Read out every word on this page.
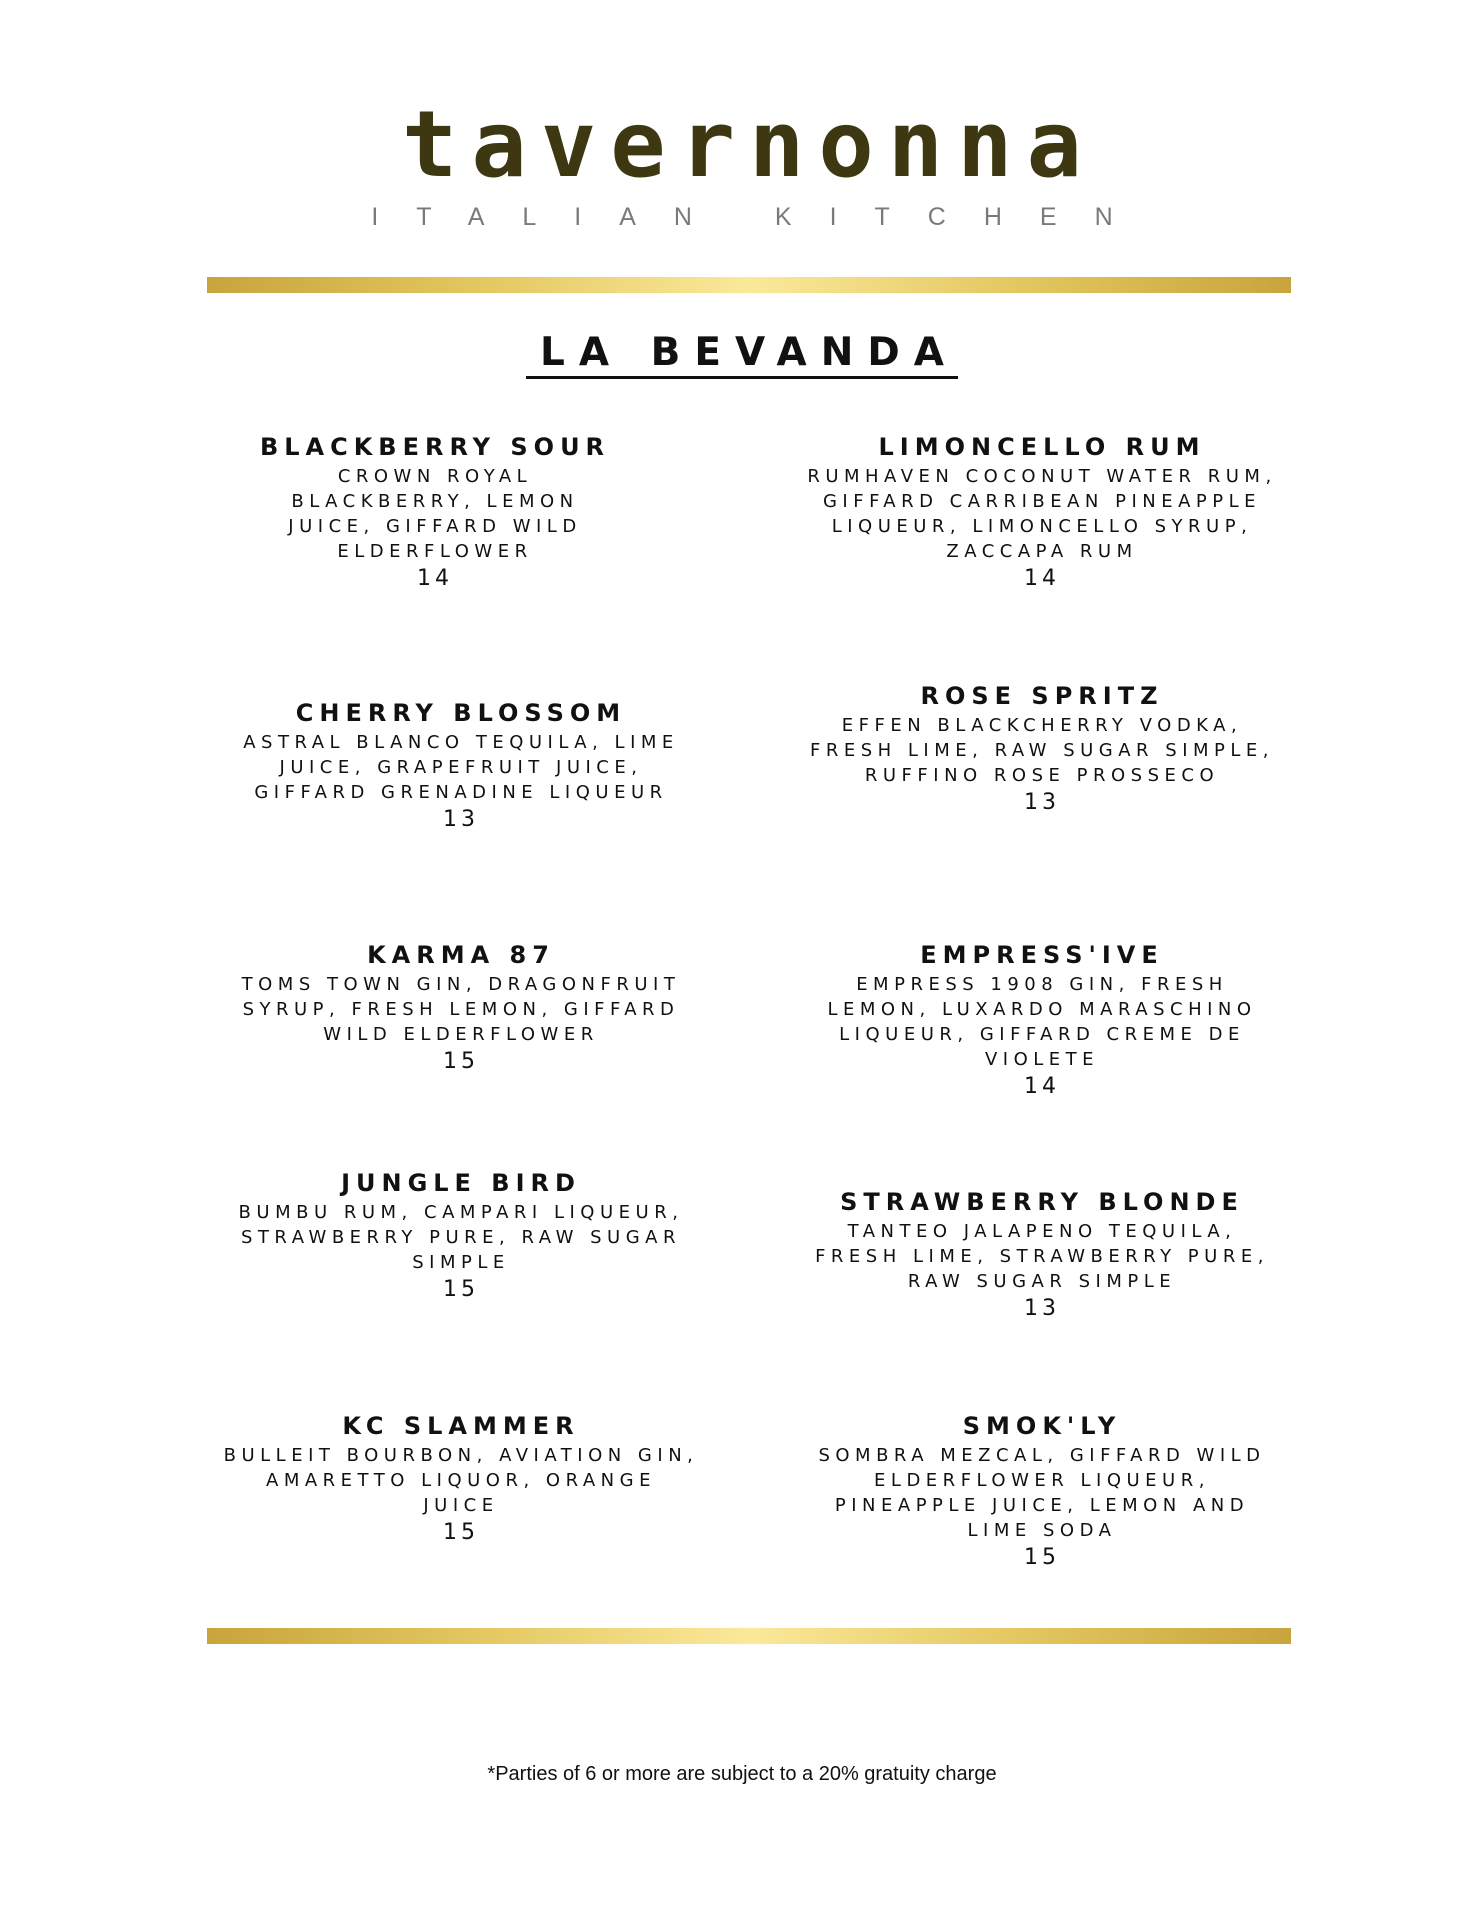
tavernonna
ITALIAN KITCHEN
LA BEVANDA
BLACKBERRY SOUR
CROWN ROYAL
BLACKBERRY, LEMON
JUICE, GIFFARD WILD
ELDERFLOWER
14
LIMONCELLO RUM
RUMHAVEN COCONUT WATER RUM,
GIFFARD CARRIBEAN PINEAPPLE
LIQUEUR, LIMONCELLO SYRUP,
ZACCAPA RUM
14
CHERRY BLOSSOM
ASTRAL BLANCO TEQUILA, LIME
JUICE, GRAPEFRUIT JUICE,
GIFFARD GRENADINE LIQUEUR
13
ROSE SPRITZ
EFFEN BLACKCHERRY VODKA,
FRESH LIME, RAW SUGAR SIMPLE,
RUFFINO ROSE PROSSECO
13
KARMA 87
TOMS TOWN GIN, DRAGONFRUIT
SYRUP, FRESH LEMON, GIFFARD
WILD ELDERFLOWER
15
EMPRESS'IVE
EMPRESS 1908 GIN, FRESH
LEMON, LUXARDO MARASCHINO
LIQUEUR, GIFFARD CREME DE
VIOLETE
14
JUNGLE BIRD
BUMBU RUM, CAMPARI LIQUEUR,
STRAWBERRY PURE, RAW SUGAR
SIMPLE
15
STRAWBERRY BLONDE
TANTEO JALAPENO TEQUILA,
FRESH LIME, STRAWBERRY PURE,
RAW SUGAR SIMPLE
13
KC SLAMMER
BULLEIT BOURBON, AVIATION GIN,
AMARETTO LIQUOR, ORANGE
JUICE
15
SMOK'LY
SOMBRA MEZCAL, GIFFARD WILD
ELDERFLOWER LIQUEUR,
PINEAPPLE JUICE, LEMON AND
LIME SODA
15
*Parties of 6 or more are subject to a 20% gratuity charge
